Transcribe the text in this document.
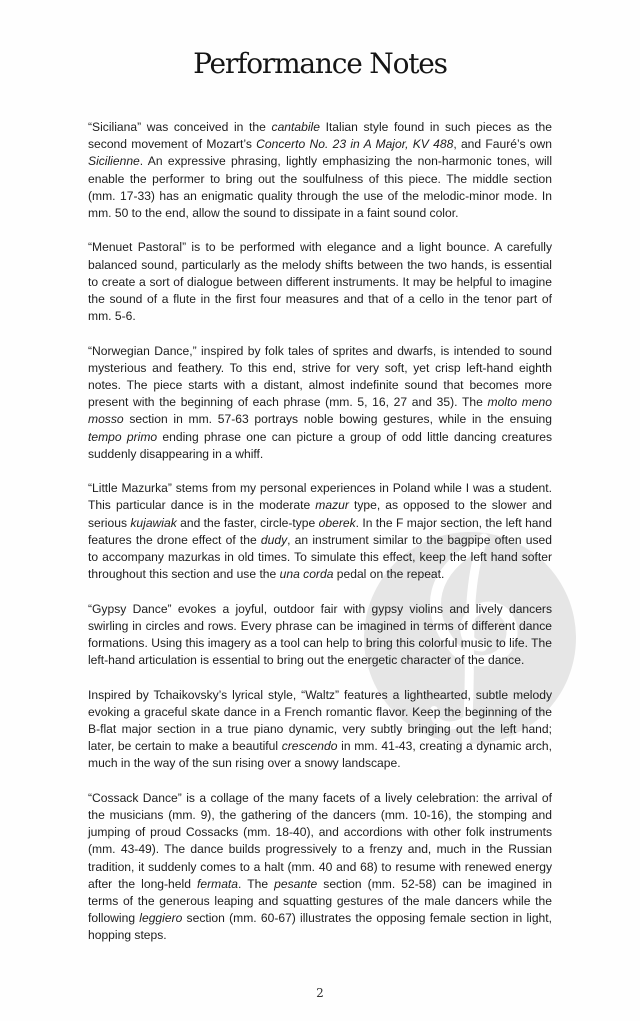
Performance Notes

“Siciliana” was conceived in the cantabile Italian style found in such pieces as the second movement of Mozart’s Concerto No. 23 in A Major, KV 488, and Fauré’s own Sicilienne. An expressive phrasing, lightly emphasizing the non-harmonic tones, will enable the performer to bring out the soulfulness of this piece. The middle section (mm. 17-33) has an enigmatic quality through the use of the melodic-minor mode. In mm. 50 to the end, allow the sound to dissipate in a faint sound color.

“Menuet Pastoral” is to be performed with elegance and a light bounce. A carefully balanced sound, particularly as the melody shifts between the two hands, is essential to create a sort of dialogue between different instruments. It may be helpful to imagine the sound of a flute in the first four measures and that of a cello in the tenor part of mm. 5-6.

“Norwegian Dance,” inspired by folk tales of sprites and dwarfs, is intended to sound mysterious and feathery. To this end, strive for very soft, yet crisp left-hand eighth notes. The piece starts with a distant, almost indefinite sound that becomes more present with the beginning of each phrase (mm. 5, 16, 27 and 35). The molto meno mosso section in mm. 57-63 portrays noble bowing gestures, while in the ensuing tempo primo ending phrase one can picture a group of odd little dancing creatures suddenly disappearing in a whiff.

“Little Mazurka” stems from my personal experiences in Poland while I was a student. This particular dance is in the moderate mazur type, as opposed to the slower and serious kujawiak and the faster, circle-type oberek. In the F major section, the left hand features the drone effect of the dudy, an instrument similar to the bagpipe often used to accompany mazurkas in old times. To simulate this effect, keep the left hand softer throughout this section and use the una corda pedal on the repeat.

“Gypsy Dance” evokes a joyful, outdoor fair with gypsy violins and lively dancers swirling in circles and rows. Every phrase can be imagined in terms of different dance formations. Using this imagery as a tool can help to bring this colorful music to life. The left-hand articulation is essential to bring out the energetic character of the dance.

Inspired by Tchaikovsky’s lyrical style, “Waltz” features a lighthearted, subtle melody evoking a graceful skate dance in a French romantic flavor. Keep the beginning of the B-flat major section in a true piano dynamic, very subtly bringing out the left hand; later, be certain to make a beautiful crescendo in mm. 41-43, creating a dynamic arch, much in the way of the sun rising over a snowy landscape.

“Cossack Dance” is a collage of the many facets of a lively celebration: the arrival of the musicians (mm. 9), the gathering of the dancers (mm. 10-16), the stomping and jumping of proud Cossacks (mm. 18-40), and accordions with other folk instruments (mm. 43-49). The dance builds progressively to a frenzy and, much in the Russian tradition, it suddenly comes to a halt (mm. 40 and 68) to resume with renewed energy after the long-held fermata. The pesante section (mm. 52-58) can be imagined in terms of the generous leaping and squatting gestures of the male dancers while the following leggiero section (mm. 60-67) illustrates the opposing female section in light, hopping steps.

2
